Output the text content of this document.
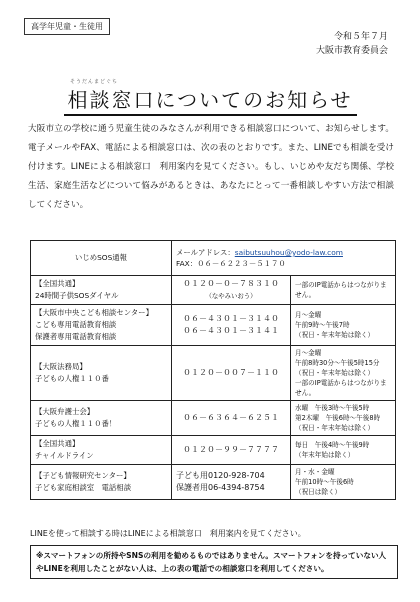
高学年児童・生徒用
令和５年７月
大阪市教育委員会
そうだんまどぐち
相談窓口についてのお知らせ
大阪市立の学校に通う児童生徒のみなさんが利用できる相談窓口について、お知らせします。電子メールやFAX、電話による相談窓口は、次の表のとおりです。また、LINEでも相談を受け付けます。LINEによる相談窓口　利用案内を見てください。もし、いじめや友だち関係、学校生活、家庭生活などについて悩みがあるときは、あなたにとって一番相談しやすい方法で相談してください。
いじめSOS通報	メールアドレス：saibutsuuhou@yodo-law.com
FAX：０６－６２２３－５１７０	

【全国共通】
24時間子供SOSダイヤル	０１２０－０－７８３１０
（なやみいおう）	一部のIP電話からはつながりません。

【大阪市中央こども相談センター】
こども専用電話教育相談
保護者専用電話教育相談	０６－４３０１－３１４０
０６－４３０１－３１４１	月～金曜
午前9時～午後7時
（祝日・年末年始は除く）

【大阪法務局】
子どもの人権１１０番	０１２０－００７－１１０	月～金曜
午前8時30分～午後5時15分
（祝日・年末年始は除く）
一部のIP電話からはつながりません。

【大阪弁護士会】
子どもの人権１１０番！	０６－６３６４－６２５１	水曜　午後3時～午後5時
第2木曜　午後6時～午後8時
（祝日・年末年始は除く）

【全国共通】
チャイルドライン	０１２０－９９－７７７７	毎日　午後4時～午後9時
（年末年始は除く）

【子ども情報研究センター】
子ども家庭相談室　電話相談	子ども用0120-928-704
保護者用06-4394-8754	月・水・金曜
午前10時～午後6時
（祝日は除く）
LINEを使って相談する時はLINEによる相談窓口　利用案内を見てください。
※スマートフォンの所持やSNSの利用を勧めるものではありません。スマートフォンを持っていない人やLINEを利用したことがない人は、上の表の電話での相談窓口を利用してください。
